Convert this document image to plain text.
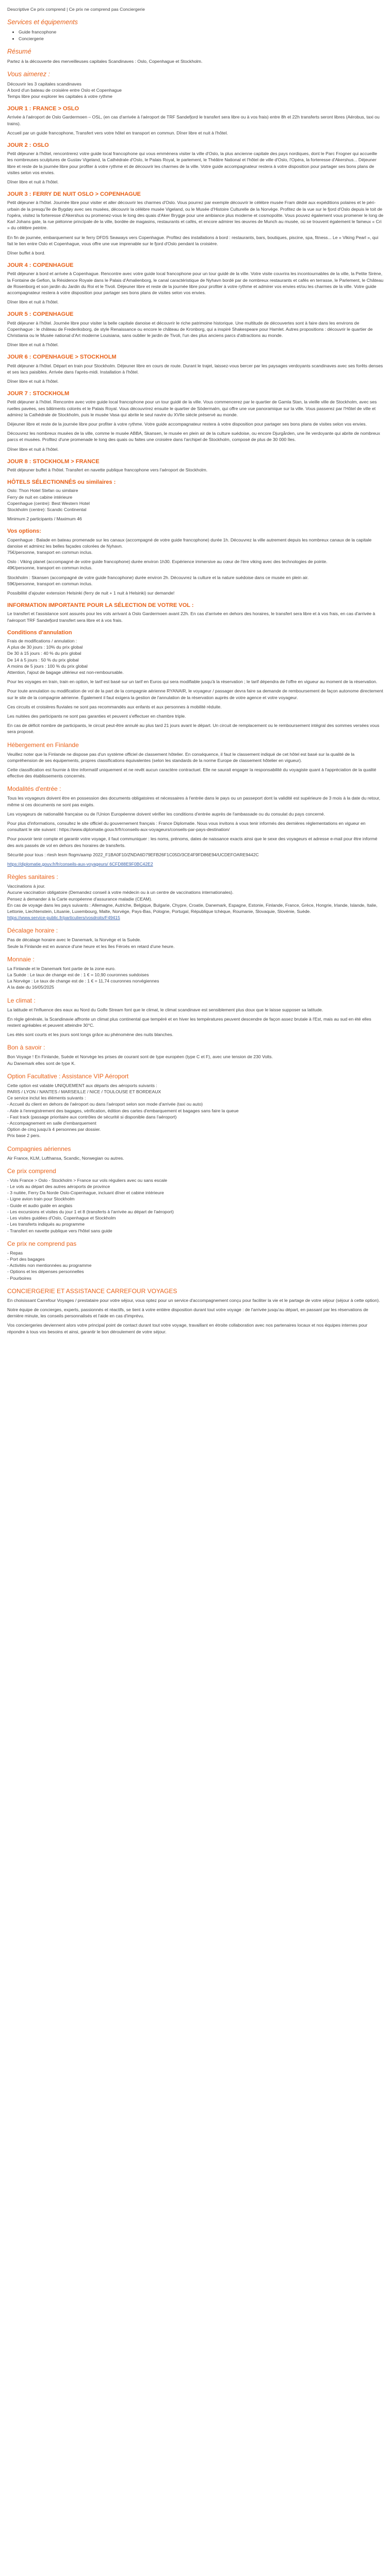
Descriptive Ce prix comprend | Ce prix ne comprend pas Conciergerie
Services et équipements
• Guide francophone
• Conciergerie
Résumé

Partez à la découverte des merveilleuses capitales Scandinaves : Oslo, Copenhague et Stockholm.

Vous aimerez :

Découvrir les 3 capitales scandinaves

A bord d'un bateau de croisière entre Oslo et Copenhague

Temps libre pour explorer les capitales à votre rythme

JOUR 1 : FRANCE > OSLO

Arrivée à l'aéroport de Oslo Gardermoen – OSL, (en cas d'arrivée à l'aéroport de TRF Sandefjord le transfert sera libre ou à vos frais) entre 8h et 22h transferts seront libres (Aérobus, taxi ou trains).

Accueil par un guide francophone, Transfert vers votre hôtel en transport en commun. Dîner libre et nuit à l'hôtel.

JOUR 2 : OSLO

Petit déjeuner à l'hôtel, rencontrerez votre guide local francophone qui vous emmènera visiter la ville d'Oslo, la plus ancienne capitale des pays nordiques, dont le Parc Frogner qui accueille les nombreuses sculptures de Gustav Vigeland, la Cathédrale d'Oslo, le Palais Royal, le parlement, le Théâtre National et l'hôtel de ville d'Oslo, l'Opéra, la forteresse d'Akershus... Déjeuner libre et reste de la journée libre pour profiter à votre rythme et de découvrir les charmes de la ville. Votre guide accompagnateur restera à votre disposition pour partager ses bons plans de visites selon vos envies.

Dîner libre et nuit à l'hôtel.

JOUR 3 : FERRY DE NUIT OSLO > COPENHAGUE

Petit déjeuner à l'hôtel. Journée libre pour visiter et aller découvrir les charmes d'Oslo. Vous pourrez par exemple découvrir le célèbre musée Fram dédié aux expéditions polaires et le péri-urbain de la presqu'île de Bygdøy avec ses musées, découvrir la célèbre musée Vigeland, ou le Musée d'Histoire Culturelle de la Norvège. Profitez de la vue sur le fjord d'Oslo depuis le toit de l'opéra, visitez la forteresse d'Akershus ou promenez-vous le long des quais d'Aker Brygge pour une ambiance plus moderne et cosmopolite. Vous pouvez également vous promener le long de Karl Johans gate, la rue piétonne principale de la ville, bordée de magasins, restaurants et cafés, et encore admirer les œuvres de Munch au musée, où se trouvent également le fameux « Cri » du célèbre peintre.

En fin de journée, embarquement sur le ferry DFDS Seaways vers Copenhague. Profitez des installations à bord : restaurants, bars, boutiques, piscine, spa, fitness... Le « Viking Pearl », qui fait le lien entre Oslo et Copenhague, vous offre une vue imprenable sur le fjord d'Oslo pendant la croisière.

Dîner buffet à bord.

JOUR 4 : COPENHAGUE

Petit déjeuner à bord et arrivée à Copenhague. Rencontre avec votre guide local francophone pour un tour guidé de la ville. Votre visite couvrira les incontournables de la ville, la Petite Sirène, la Fontaine de Gefion, la Résidence Royale dans le Palais d'Amalienborg, le canal caractéristique de Nyhavn bordé par de nombreux restaurants et cafés en terrasse, le Parlement, le Château de Rosenborg et son jardin du Jardin du Roi et le Tivoli. Déjeuner libre et reste de la journée libre pour profiter à votre rythme et admirer vos envies et/ou les charmes de la ville. Votre guide accompagnateur restera à votre disposition pour partager ses bons plans de visites selon vos envies.

Dîner libre et nuit à l'hôtel.

JOUR 5 : COPENHAGUE

Petit déjeuner à l'hôtel. Journée libre pour visiter la belle capitale danoise et découvrir le riche patrimoine historique. Une multitude de découvertes sont à faire dans les environs de Copenhague : le château de Frederiksborg, de style Renaissance ou encore le château de Kronborg, qui a inspiré Shakespeare pour Hamlet. Autres propositions : découvrir le quartier de Christiania ou le Musée national d'Art moderne Louisiana, sans oublier le jardin de Tivoli, l'un des plus anciens parcs d'attractions au monde.

Dîner libre et nuit à l'hôtel.

JOUR 6 : COPENHAGUE > STOCKHOLM

Petit déjeuner à l'hôtel. Départ en train pour Stockholm. Déjeuner libre en cours de route. Durant le trajet, laissez-vous bercer par les paysages verdoyants scandinaves avec ses forêts denses et ses lacs paisibles. Arrivée dans l'après-midi. Installation à l'hôtel.

Dîner libre et nuit à l'hôtel.

JOUR 7 : STOCKHOLM

Petit déjeuner à l'hôtel. Rencontre avec votre guide local francophone pour un tour guidé de la ville. Vous commencerez par le quartier de Gamla Stan, la vieille ville de Stockholm, avec ses ruelles pavées, ses bâtiments colorés et le Palais Royal. Vous découvrirez ensuite le quartier de Södermalm, qui offre une vue panoramique sur la ville. Vous passerez par l'Hôtel de ville et admirez la Cathédrale de Stockholm, puis le musée Vasa qui abrite le seul navire du XVIIe siècle préservé au monde.

Déjeuner libre et reste de la journée libre pour profiter à votre rythme. Votre guide accompagnateur restera à votre disposition pour partager ses bons plans de visites selon vos envies.

Découvrez les nombreux musées de la ville, comme le musée ABBA, Skansen, le musée en plein air de la culture suédoise, ou encore Djurgården, une île verdoyante qui abrite de nombreux parcs et musées. Profitez d'une promenade le long des quais ou faites une croisière dans l'archipel de Stockholm, composé de plus de 30 000 îles.

Dîner libre et nuit à l'hôtel.

JOUR 8 : STOCKHOLM > FRANCE

Petit déjeuner buffet à l'hôtel. Transfert en navette publique francophone vers l'aéroport de Stockholm.

HÔTELS SÉLECTIONNÉS ou similaires :

Oslo: Thon Hotel Stefan ou similaire

Ferry de nuit en cabine intérieure

Copenhague (centre): Best Western Hotel

Stockholm (centre): Scandic Continental

Minimum 2 participants / Maximum 46

Vos options:

Copenhague : Balade en bateau promenade sur les canaux (accompagné de votre guide francophone) durée 1h. Découvrez la ville autrement depuis les nombreux canaux de la capitale danoise et admirez les belles façades colorées de Nyhavn.

75€/personne, transport en commun inclus.

Oslo : Viking planet (accompagné de votre guide francophone) durée environ 1h30. Expérience immersive au cœur de l'ère viking avec des technologies de pointe.

49€/personne, transport en commun inclus.

Stockholm : Skansen (accompagné de votre guide francophone) durée environ 2h. Découvrez la culture et la nature suédoise dans ce musée en plein air.

59€/personne, transport en commun inclus.

Possibilité d'ajouter extension Helsinki (ferry de nuit + 1 nuit à Helsinki) sur demande!

INFORMATION IMPORTANTE POUR LA SÉLECTION DE VOTRE VOL :

Le transfert et l'assistance sont assurés pour les vols arrivant à Oslo Gardermoen avant 22h. En cas d'arrivée en dehors des horaires, le transfert sera libre et à vos frais, en cas d'arrivée à l'aéroport TRF Sandefjord transfert sera libre et à vos frais.

Conditions d'annulation

Frais de modifications / annulation :

A plus de 30 jours : 10% du prix global

De 30 à 15 jours : 40 % du prix global

De 14 à 5 jours : 50 % du prix global

A moins de 5 jours : 100 % du prix global

Attention, l'ajout de bagage ultérieur est non-remboursable.

Pour les voyages en train, train en option, le tarif est basé sur un tarif en Euros qui sera modifiable jusqu'à la réservation ; le tarif dépendra de l'offre en vigueur au moment de la réservation.

Pour toute annulation ou modification de vol de la part de la compagnie aérienne RYANAIR, le voyageur / passager devra faire sa demande de remboursement de façon autonome directement sur le site de la compagnie aérienne. Également il faut exigera la gestion de l'annulation de la réservation auprès de votre agence et votre voyageur.

Ces circuits et croisières fluviales ne sont pas recommandés aux enfants et aux personnes à mobilité réduite.

Les nuitées des participants ne sont pas garanties et peuvent s'effectuer en chambre triple.

En cas de déficit nombre de participants, le circuit peut-être annulé au plus tard 21 jours avant le départ. Un circuit de remplacement ou le remboursement intégral des sommes versées vous sera proposé.

Hébergement en Finlande

Veuillez noter que la Finlande ne dispose pas d'un système officiel de classement hôtelier. En conséquence, il faut le classement indiqué de cet hôtel est basé sur la qualité de la compréhension de ses équipements, propres classifications équivalentes (selon les standards de la norme Europe de classement hôtelier en vigueur).

Cette classification est fournie à titre informatif uniquement et ne revêt aucun caractère contractuel. Elle ne saurait engager la responsabilité du voyagiste quant à l'appréciation de la qualité effective des établissements concernés.

Modalités d'entrée :

Tous les voyageurs doivent être en possession des documents obligatoires et nécessaires à l'entrée dans le pays ou un passeport dont la validité est supérieure de 3 mois à la date du retour, même si ces documents ne sont pas exigés.

Les voyageurs de nationalité française ou de l'Union Européenne doivent vérifier les conditions d'entrée auprès de l'ambassade ou du consulat du pays concerné.

Pour plus d'informations, consultez le site officiel du gouvernement français : France Diplomatie. Nous vous invitons à vous tenir informés des dernières réglementations en vigueur en consultant le site suivant : https://www.diplomatie.gouv.fr/fr/conseils-aux-voyageurs/conseils-par-pays-destination/

Pour pouvoir tenir compte et garantir votre voyage, il faut communiquer : les noms, prénoms, dates de naissance exacts ainsi que le sexe des voyageurs et adresse e-mail pour être informé des avis passés de vol en dehors des horaires de transferts.

Sécurité pour tous : rtesh lesm flogm/aamp 2022_F1BA0F10/ZNDA6D79EFB26F1C05D/3CE4F9FD86E94/UCDEFOARE9442C

https://diplomatie.gouv.fr/fr/conseils-aux-voyageurs/ 6CFD88E9F0BC42E2

Règles sanitaires :

Vaccinations à jour.

Aucune vaccination obligatoire (Demandez conseil à votre médecin ou à un centre de vaccinations internationales).

Pensez à demander à la Carte européenne d'assurance maladie (CEAM).

En cas de voyage dans les pays suivants : Allemagne, Autriche, Belgique, Bulgarie, Chypre, Croatie, Danemark, Espagne, Estonie, Finlande, France, Grèce, Hongrie, Irlande, Islande, Italie, Lettonie, Liechtenstein, Lituanie, Luxembourg, Malte, Norvège, Pays-Bas, Pologne, Portugal, République tchèque, Roumanie, Slovaquie, Slovénie, Suède.

https://www.service-public.fr/particuliers/vosdroits/F49415

Décalage horaire :

Pas de décalage horaire avec le Danemark, la Norvège et la Suède.

Seule la Finlande est en avance d'une heure et les îles Féroés en retard d'une heure.

Monnaie :

La Finlande et le Danemark font partie de la zone euro.

La Suède : Le taux de change est de : 1 € = 10,90 couronnes suédoises

La Norvège : Le taux de change est de : 1 € = 11,74 couronnes norvégiennes

A la date du 16/05/2025

Le climat :

La latitude et l'influence des eaux au Nord du Golfe Stream font que le climat, le climat scandinave est sensiblement plus doux que le laisse supposer sa latitude.

En règle générale, la Scandinavie affronte un climat plus continental que tempéré et en hiver les températures peuvent descendre de façon assez brutale à l'Est, mais au sud en été elles restent agréables et peuvent atteindre 30°C.

Les étés sont courts et les jours sont longs grâce au phénomène des nuits blanches.

Bon à savoir :

Bon Voyage ! En Finlande, Suède et Norvège les prises de courant sont de type européen (type C et F), avec une tension de 230 Volts.

Au Danemark elles sont de type K.

Option Facultative : Assistance VIP Aéroport

Cette option est valable UNIQUEMENT aux départs des aéroports suivants :

PARIS / LYON / NANTES / MARSEILLE / NICE / TOULOUSE ET BORDEAUX

Ce service inclut les éléments suivants :

- Accueil du client en dehors de l'aéroport ou dans l'aéroport selon son mode d'arrivée (taxi ou auto)

- Aide à l'enregistrement des bagages, vérification, édition des cartes d'embarquement et bagages sans faire la queue

- Fast track (passage prioritaire aux contrôles de sécurité si disponible dans l'aéroport)

- Accompagnement en salle d'embarquement

Option de cinq jusqu'à 4 personnes par dossier.

Prix base 2 pers.

Compagnies aériennes

Air France, KLM, Lufthansa, Scandic, Norwegian ou autres.

Ce prix comprend

- Vols France > Oslo - Stockholm > France sur vols réguliers avec ou sans escale

- Le vols au départ des autres aéroports de province

- 3 nuitée, Ferry Da Norde Oslo-Copenhague, incluant dîner et cabine intérieure

- Ligne avion train pour Stockholm

- Guide et audio guide en anglais

- Les excursions et visites du jour 1 et 8 (transferts à l'arrivée au départ de l'aéroport)

- Les visites guidées d'Oslo, Copenhague et Stockholm

- Les transferts indiqués au programme

- Transfert en navette publique vers l'hôtel sans guide

Ce prix ne comprend pas

- Repas

- Port des bagages

- Activités non mentionnées au programme

- Options et les dépenses personnelles

- Pourboires

CONCIERGERIE ET ASSISTANCE CARREFOUR VOYAGES

En choisissant Carrefour Voyages / prestataire pour votre séjour, vous optez pour un service d'accompagnement conçu pour faciliter la vie et le partage de votre séjour (séjour à cette option).

Notre équipe de concierges, experts, passionnés et réactifs, se tient à votre entière disposition durant tout votre voyage : de l'arrivée jusqu'au départ, en passant par les réservations de dernière minute, les conseils personnalisés et l'aide en cas d'imprévu.

Vos conciergeries deviennent alors votre principal point de contact durant tout votre voyage, travaillant en étroite collaboration avec nos partenaires locaux et nos équipes internes pour répondre à tous vos besoins et ainsi, garantir le bon déroulement de votre séjour.
